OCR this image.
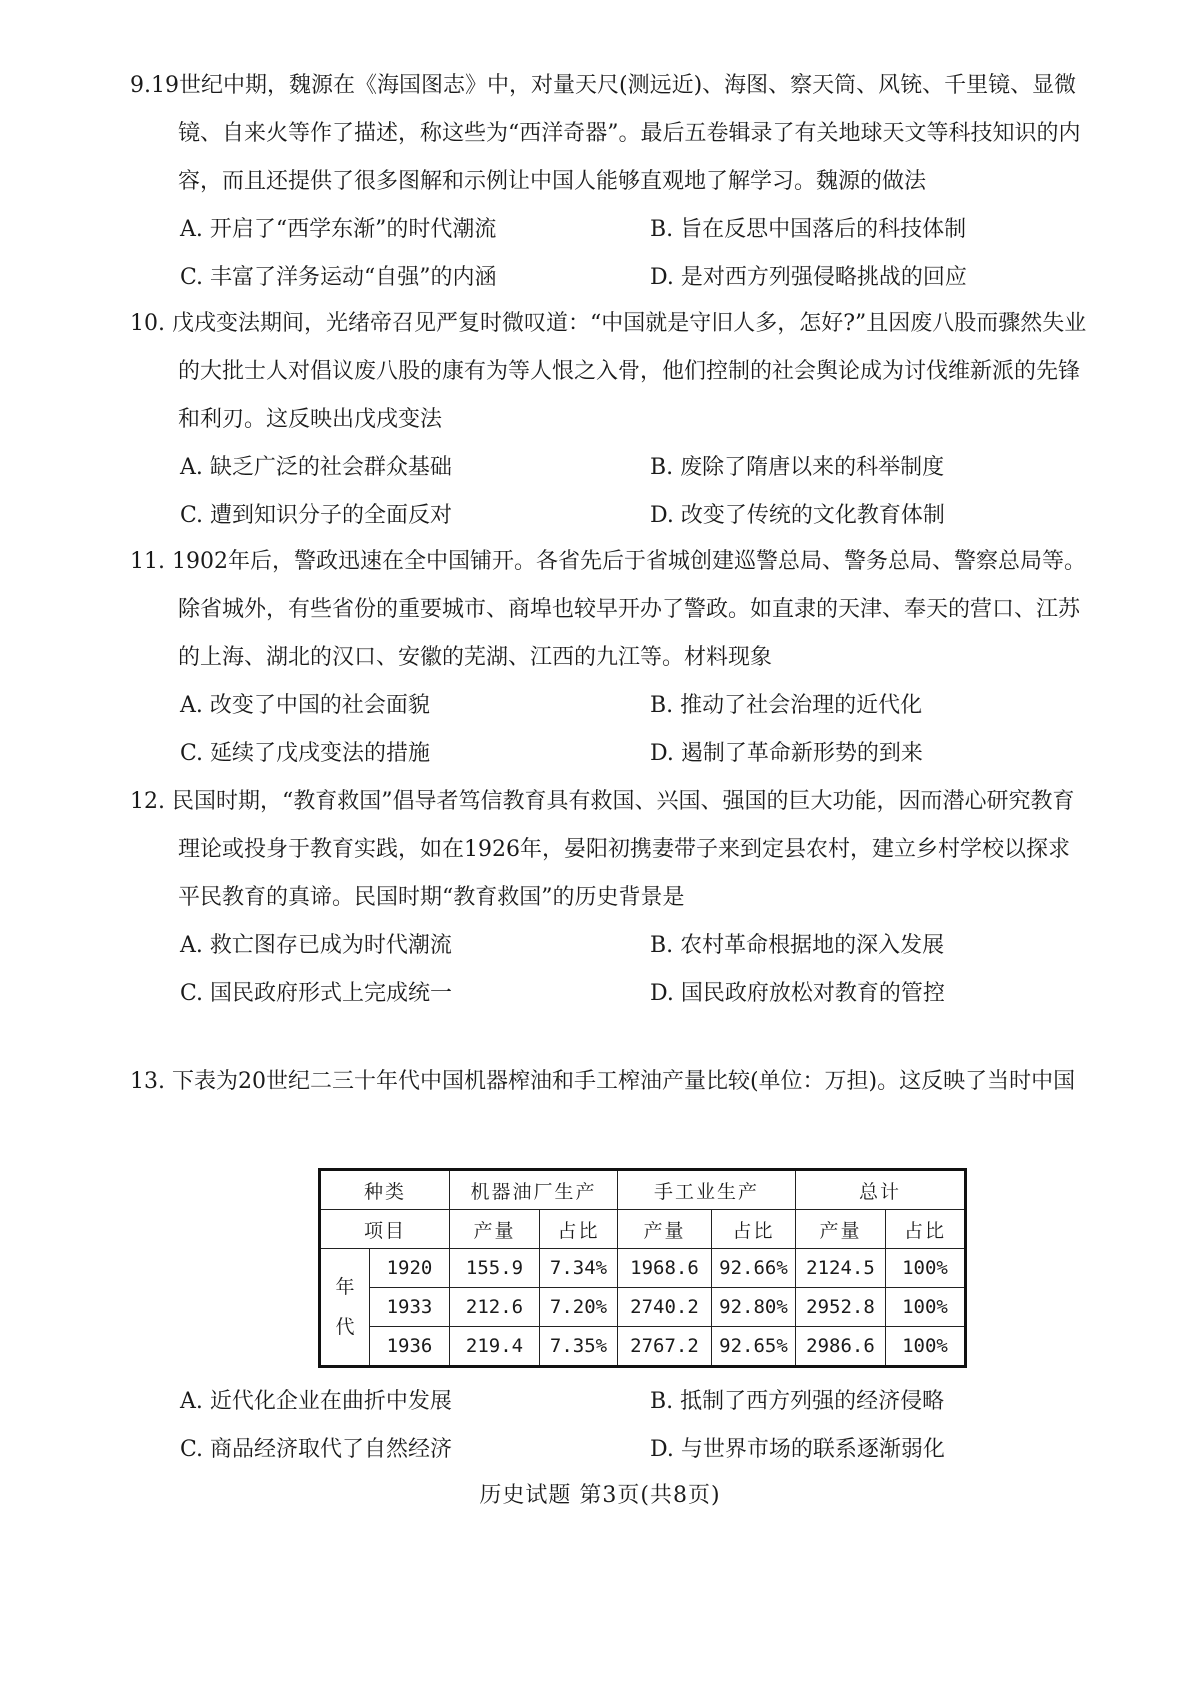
9.19世纪中期，魏源在《海国图志》中，对量天尺(测远近)、海图、察天筒、风铳、千里镜、显微镜、自来火等作了描述，称这些为“西洋奇器”。最后五卷辑录了有关地球天文等科技知识的内容，而且还提供了很多图解和示例让中国人能够直观地了解学习。魏源的做法

A. 开启了“西学东渐”的时代潮流	B. 旨在反思中国落后的科技体制
C. 丰富了洋务运动“自强”的内涵	D. 是对西方列强侵略挑战的回应

10. 戊戌变法期间，光绪帝召见严复时微叹道：“中国就是守旧人多，怎好?”且因废八股而骤然失业的大批士人对倡议废八股的康有为等人恨之入骨，他们控制的社会舆论成为讨伐维新派的先锋和利刃。这反映出戊戌变法

A. 缺乏广泛的社会群众基础	B. 废除了隋唐以来的科举制度
C. 遭到知识分子的全面反对	D. 改变了传统的文化教育体制

11. 1902年后，警政迅速在全中国铺开。各省先后于省城创建巡警总局、警务总局、警察总局等。除省城外，有些省份的重要城市、商埠也较早开办了警政。如直隶的天津、奉天的营口、江苏的上海、湖北的汉口、安徽的芜湖、江西的九江等。材料现象

A. 改变了中国的社会面貌	B. 推动了社会治理的近代化
C. 延续了戊戌变法的措施	D. 遏制了革命新形势的到来

12. 民国时期，“教育救国”倡导者笃信教育具有救国、兴国、强国的巨大功能，因而潜心研究教育理论或投身于教育实践，如在1926年，晏阳初携妻带子来到定县农村，建立乡村学校以探求平民教育的真谛。民国时期“教育救国”的历史背景是

A. 救亡图存已成为时代潮流	B. 农村革命根据地的深入发展
C. 国民政府形式上完成统一	D. 国民政府放松对教育的管控

13. 下表为20世纪二三十年代中国机器榨油和手工榨油产量比较(单位：万担)。这反映了当时中国

种类		机器油厂生产		手工业生产		总计	
项目		产量	占比	产量	占比	产量	占比
年代	1920	155.9	7.34%	1968.6	92.66%	2124.5	100%
	1933	212.6	7.20%	2740.2	92.80%	2952.8	100%
	1936	219.4	7.35%	2767.2	92.65%	2986.6	100%
A. 近代化企业在曲折中发展	B. 抵制了西方列强的经济侵略
C. 商品经济取代了自然经济	D. 与世界市场的联系逐渐弱化
历史试题 第3页(共8页)
